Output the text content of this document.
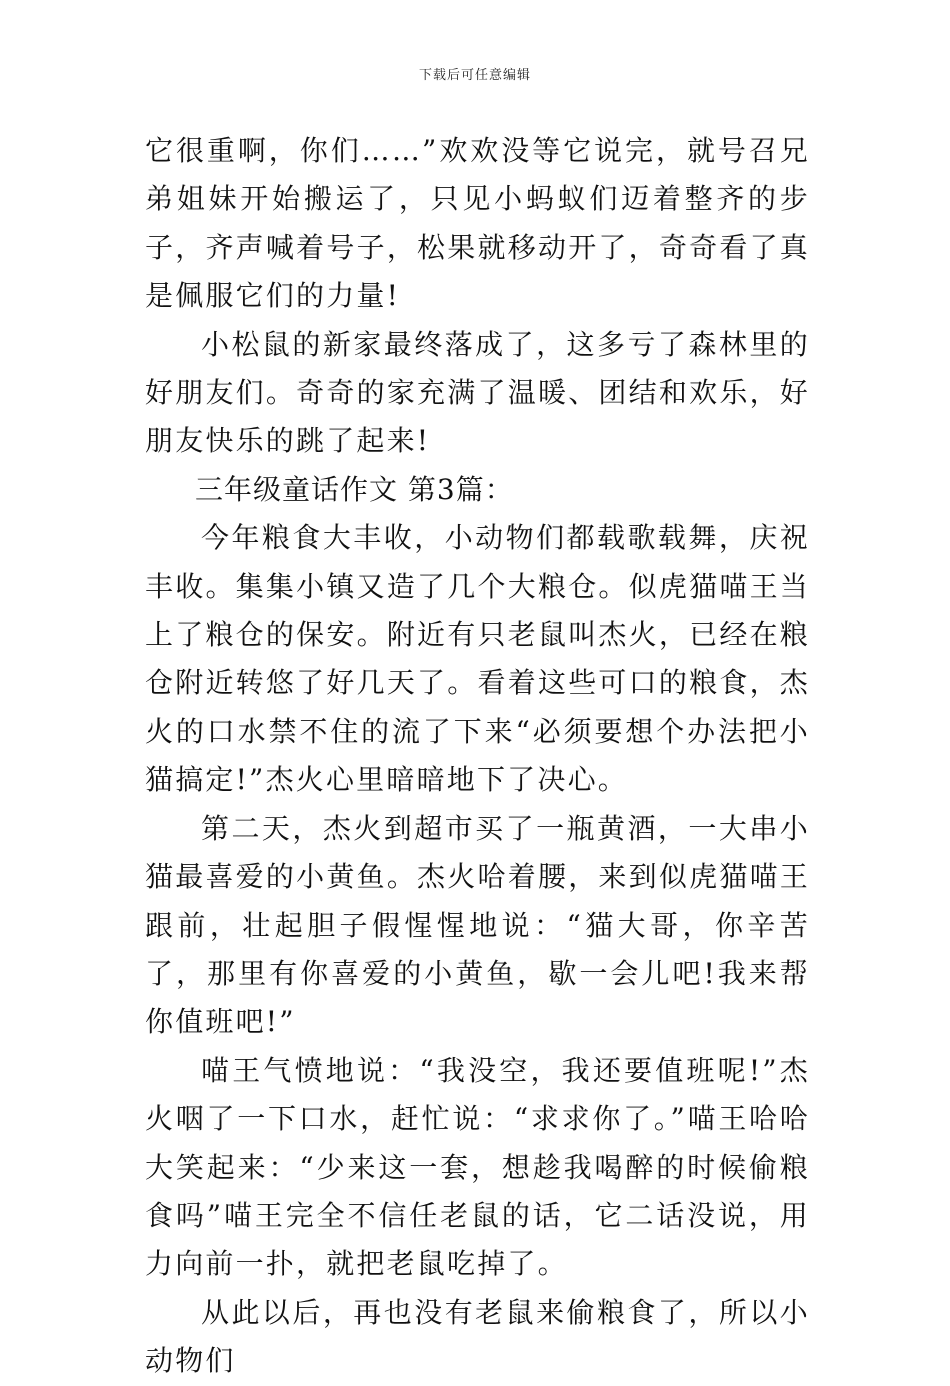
下载后可任意编辑

它很重啊，你们……”欢欢没等它说完，就号召兄弟姐妹开始搬运了，只见小蚂蚁们迈着整齐的步子，齐声喊着号子，松果就移动开了，奇奇看了真是佩服它们的力量!

小松鼠的新家最终落成了，这多亏了森林里的好朋友们。奇奇的家充满了温暖、团结和欢乐，好朋友快乐的跳了起来!

三年级童话作文 第3篇：

今年粮食大丰收，小动物们都载歌载舞，庆祝丰收。集集小镇又造了几个大粮仓。似虎猫喵王当上了粮仓的保安。附近有只老鼠叫杰火，已经在粮仓附近转悠了好几天了。看着这些可口的粮食，杰火的口水禁不住的流了下来“必须要想个办法把小猫搞定!”杰火心里暗暗地下了决心。

第二天，杰火到超市买了一瓶黄酒，一大串小猫最喜爱的小黄鱼。杰火哈着腰，来到似虎猫喵王跟前，壮起胆子假惺惺地说：“猫大哥，你辛苦了，那里有你喜爱的小黄鱼，歇一会儿吧!我来帮你值班吧!”

喵王气愤地说：“我没空，我还要值班呢!”杰火咽了一下口水，赶忙说：“求求你了。”喵王哈哈大笑起来：“少来这一套，想趁我喝醉的时候偷粮食吗”喵王完全不信任老鼠的话，它二话没说，用力向前一扑，就把老鼠吃掉了。

从此以后，再也没有老鼠来偷粮食了，所以小动物们
